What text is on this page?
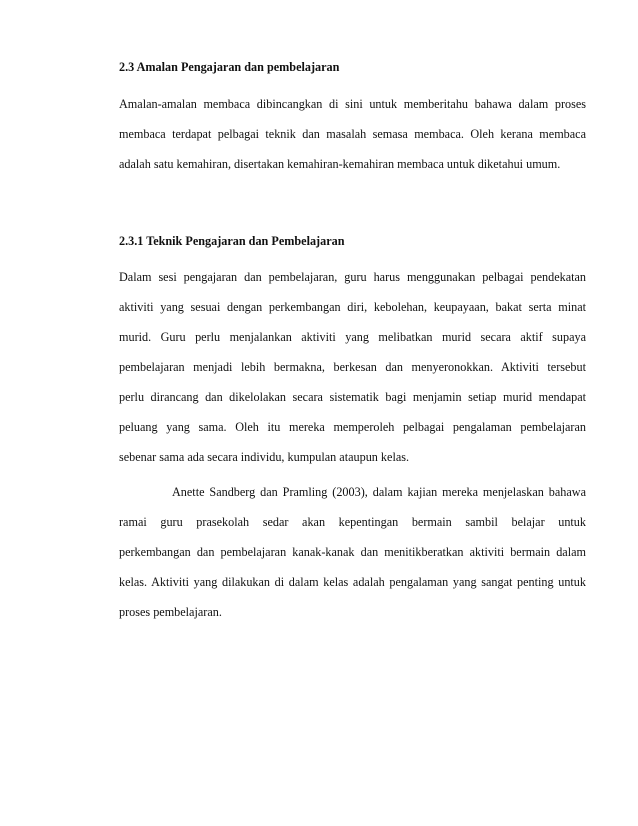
2.3 Amalan Pengajaran dan pembelajaran
Amalan-amalan membaca dibincangkan di sini untuk memberitahu bahawa dalam proses
membaca terdapat pelbagai teknik dan masalah semasa membaca. Oleh kerana membaca
adalah satu kemahiran, disertakan kemahiran-kemahiran membaca untuk diketahui umum.
2.3.1 Teknik Pengajaran dan Pembelajaran
Dalam sesi pengajaran dan pembelajaran, guru harus menggunakan pelbagai pendekatan
aktiviti yang sesuai dengan perkembangan diri, kebolehan, keupayaan, bakat serta minat
murid. Guru perlu menjalankan aktiviti yang melibatkan murid secara aktif supaya
pembelajaran menjadi lebih bermakna, berkesan dan menyeronokkan. Aktiviti tersebut
perlu dirancang dan dikelolakan secara sistematik bagi menjamin setiap murid mendapat
peluang yang sama. Oleh itu mereka memperoleh pelbagai pengalaman pembelajaran
sebenar sama ada secara individu, kumpulan ataupun kelas.
Anette Sandberg dan Pramling (2003), dalam kajian mereka menjelaskan bahawa
ramai guru prasekolah sedar akan kepentingan bermain sambil belajar untuk
perkembangan dan pembelajaran kanak-kanak dan menitikberatkan aktiviti bermain dalam
kelas. Aktiviti yang dilakukan di dalam kelas adalah pengalaman yang sangat penting untuk
proses pembelajaran.
